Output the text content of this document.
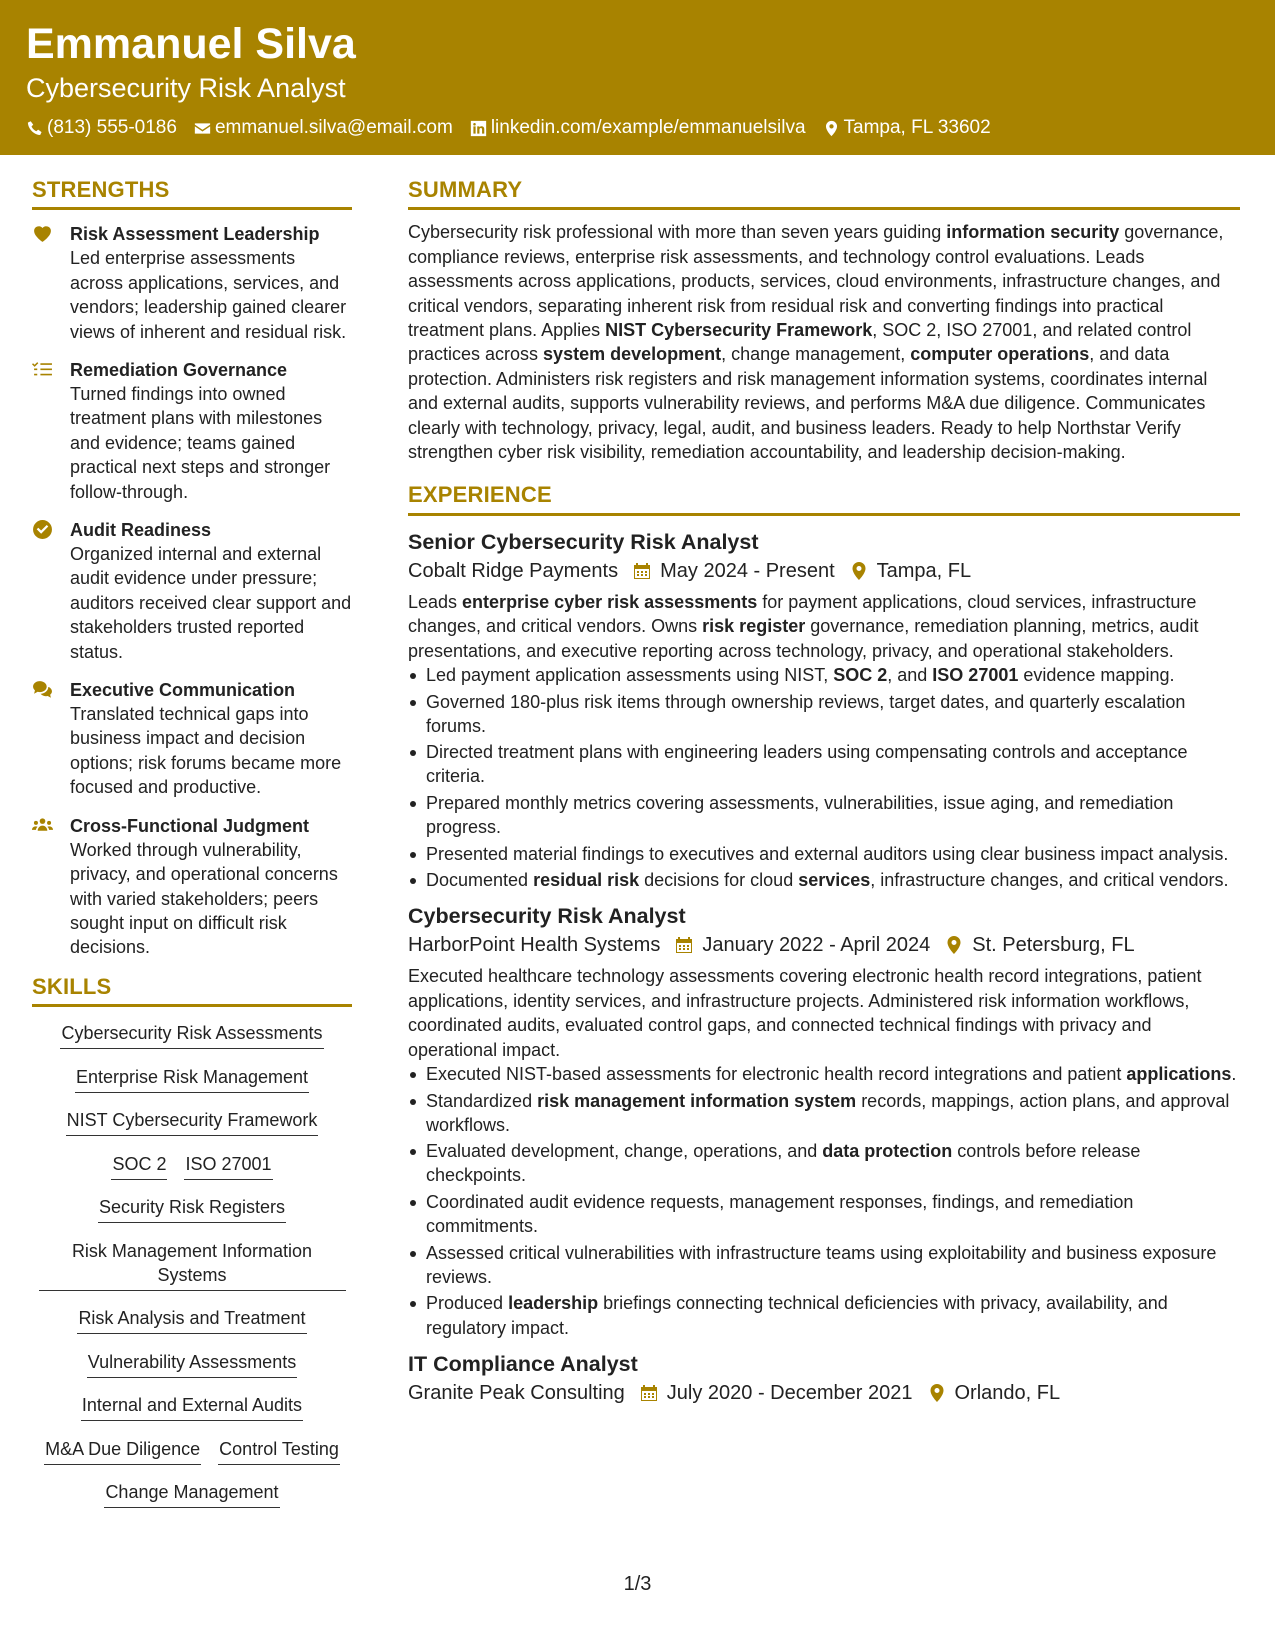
Emmanuel Silva
Cybersecurity Risk Analyst
(813) 555-0186 emmanuel.silva@email.com linkedin.com/example/emmanuelsilva Tampa, FL 33602
STRENGTHS
Risk Assessment Leadership
Led enterprise assessments across applications, services, and vendors; leadership gained clearer views of inherent and residual risk.
Remediation Governance
Turned findings into owned treatment plans with milestones and evidence; teams gained practical next steps and stronger follow-through.
Audit Readiness
Organized internal and external audit evidence under pressure; auditors received clear support and stakeholders trusted reported status.
Executive Communication
Translated technical gaps into business impact and decision options; risk forums became more focused and productive.
Cross-Functional Judgment
Worked through vulnerability, privacy, and operational concerns with varied stakeholders; peers sought input on difficult risk decisions.
SKILLS
Cybersecurity Risk Assessments
Enterprise Risk Management
NIST Cybersecurity Framework
SOC 2 ISO 27001
Security Risk Registers
Risk Management Information Systems
Risk Analysis and Treatment
Vulnerability Assessments
Internal and External Audits
M&A Due Diligence Control Testing
Change Management
SUMMARY
Cybersecurity risk professional with more than seven years guiding information security governance, compliance reviews, enterprise risk assessments, and technology control evaluations. Leads assessments across applications, products, services, cloud environments, infrastructure changes, and critical vendors, separating inherent risk from residual risk and converting findings into practical treatment plans. Applies NIST Cybersecurity Framework, SOC 2, ISO 27001, and related control practices across system development, change management, computer operations, and data protection. Administers risk registers and risk management information systems, coordinates internal and external audits, supports vulnerability reviews, and performs M&A due diligence. Communicates clearly with technology, privacy, legal, audit, and business leaders. Ready to help Northstar Verify strengthen cyber risk visibility, remediation accountability, and leadership decision-making.
EXPERIENCE
Senior Cybersecurity Risk Analyst
Cobalt Ridge Payments May 2024 - Present Tampa, FL
Leads enterprise cyber risk assessments for payment applications, cloud services, infrastructure changes, and critical vendors. Owns risk register governance, remediation planning, metrics, audit presentations, and executive reporting across technology, privacy, and operational stakeholders.
Led payment application assessments using NIST, SOC 2, and ISO 27001 evidence mapping.
Governed 180-plus risk items through ownership reviews, target dates, and quarterly escalation forums.
Directed treatment plans with engineering leaders using compensating controls and acceptance criteria.
Prepared monthly metrics covering assessments, vulnerabilities, issue aging, and remediation progress.
Presented material findings to executives and external auditors using clear business impact analysis.
Documented residual risk decisions for cloud services, infrastructure changes, and critical vendors.
Cybersecurity Risk Analyst
HarborPoint Health Systems January 2022 - April 2024 St. Petersburg, FL
Executed healthcare technology assessments covering electronic health record integrations, patient applications, identity services, and infrastructure projects. Administered risk information workflows, coordinated audits, evaluated control gaps, and connected technical findings with privacy and operational impact.
Executed NIST-based assessments for electronic health record integrations and patient applications.
Standardized risk management information system records, mappings, action plans, and approval workflows.
Evaluated development, change, operations, and data protection controls before release checkpoints.
Coordinated audit evidence requests, management responses, findings, and remediation commitments.
Assessed critical vulnerabilities with infrastructure teams using exploitability and business exposure reviews.
Produced leadership briefings connecting technical deficiencies with privacy, availability, and regulatory impact.
IT Compliance Analyst
Granite Peak Consulting July 2020 - December 2021 Orlando, FL
1/3
